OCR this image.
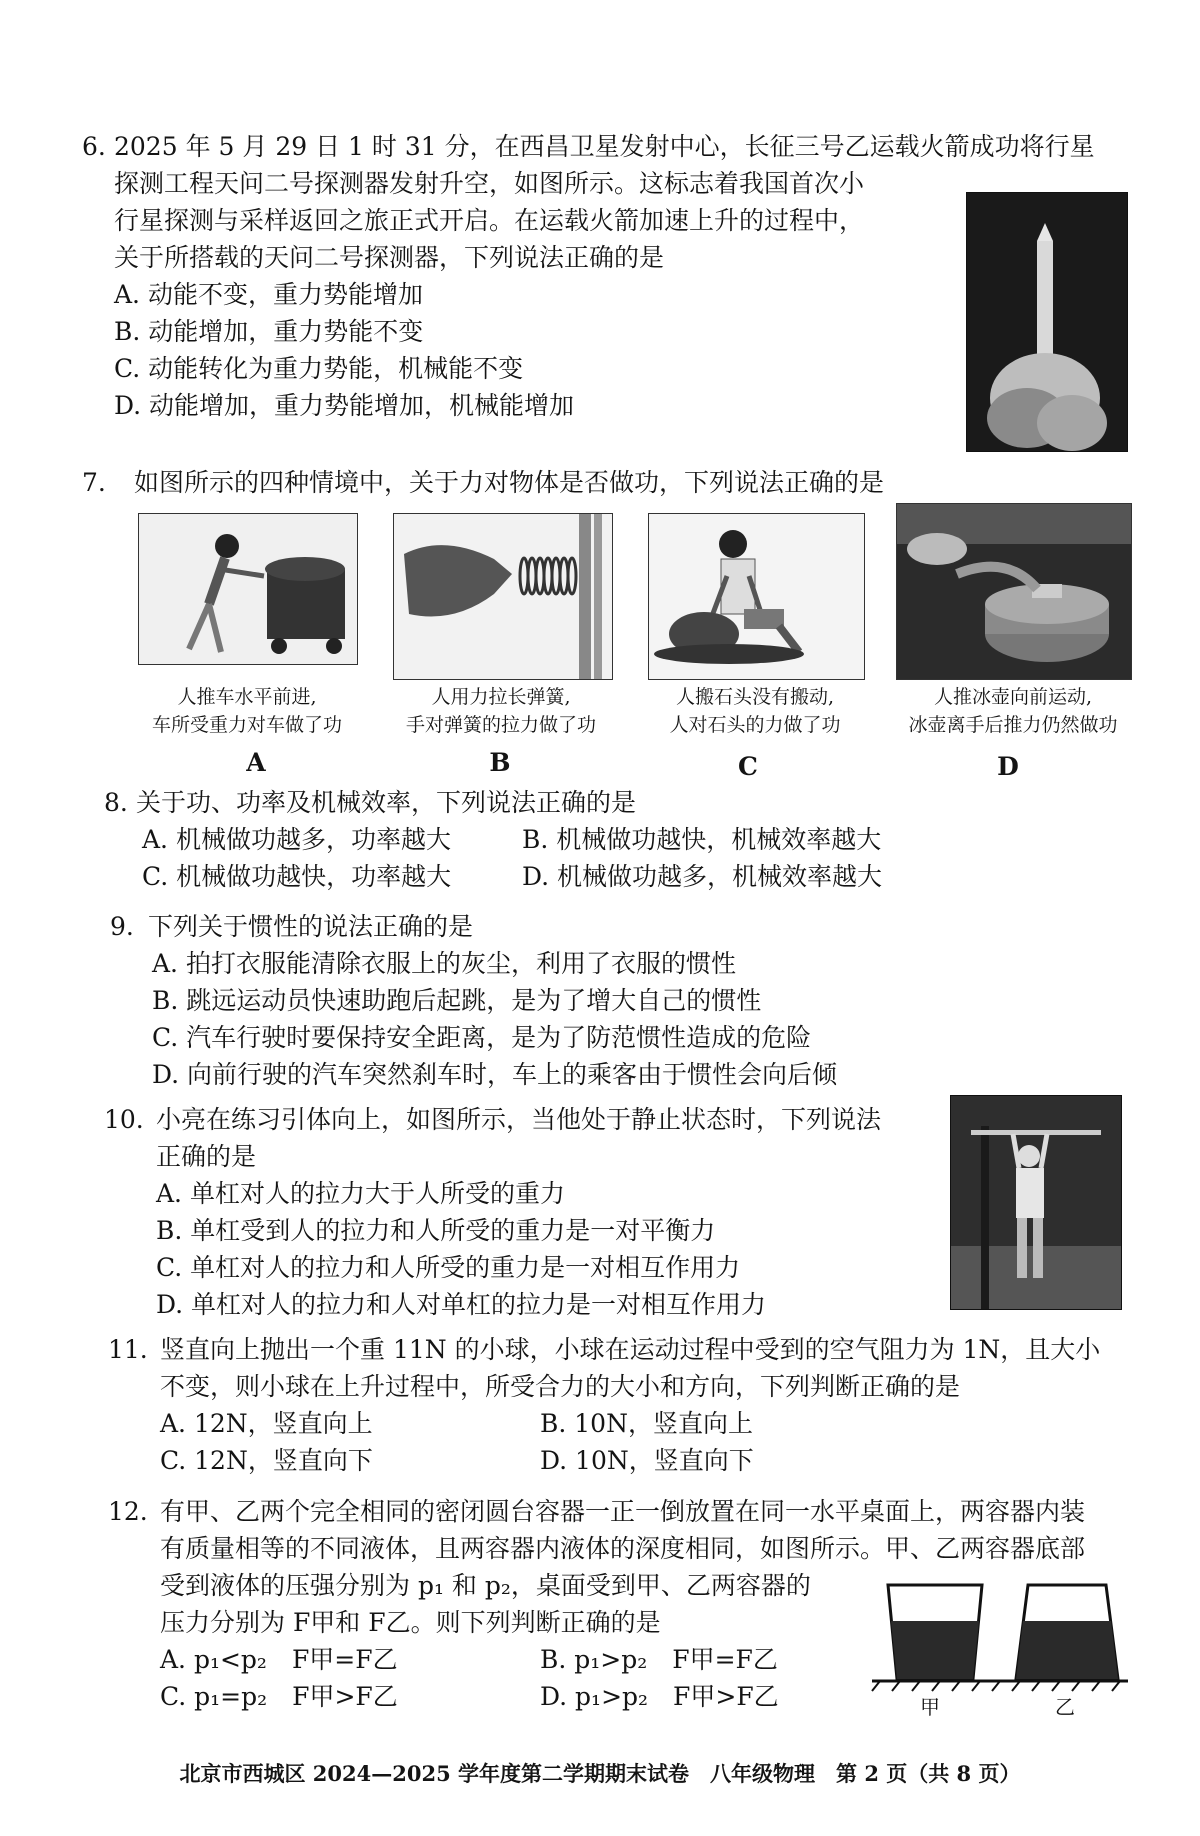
6. 2025 年 5 月 29 日 1 时 31 分，在西昌卫星发射中心，长征三号乙运载火箭成功将行星
探测工程天问二号探测器发射升空，如图所示。这标志着我国首次小
行星探测与采样返回之旅正式开启。在运载火箭加速上升的过程中，
关于所搭载的天问二号探测器，下列说法正确的是
A. 动能不变，重力势能增加
B. 动能增加，重力势能不变
C. 动能转化为重力势能，机械能不变
D. 动能增加，重力势能增加，机械能增加
7. 如图所示的四种情境中，关于力对物体是否做功，下列说法正确的是
人推车水平前进,
车所受重力对车做了功
人用力拉长弹簧,
手对弹簧的拉力做了功
人搬石头没有搬动,
人对石头的力做了功
人推冰壶向前运动,
冰壶离手后推力仍然做功
A	B	C	D
8. 关于功、功率及机械效率，下列说法正确的是
A. 机械做功越多，功率越大	B. 机械做功越快，机械效率越大
C. 机械做功越快，功率越大	D. 机械做功越多，机械效率越大
9. 下列关于惯性的说法正确的是
A. 拍打衣服能清除衣服上的灰尘，利用了衣服的惯性
B. 跳远运动员快速助跑后起跳，是为了增大自己的惯性
C. 汽车行驶时要保持安全距离，是为了防范惯性造成的危险
D. 向前行驶的汽车突然刹车时，车上的乘客由于惯性会向后倾
10. 小亮在练习引体向上，如图所示，当他处于静止状态时，下列说法
正确的是
A. 单杠对人的拉力大于人所受的重力
B. 单杠受到人的拉力和人所受的重力是一对平衡力
C. 单杠对人的拉力和人所受的重力是一对相互作用力
D. 单杠对人的拉力和人对单杠的拉力是一对相互作用力
11. 竖直向上抛出一个重 11N 的小球，小球在运动过程中受到的空气阻力为 1N，且大小
不变，则小球在上升过程中，所受合力的大小和方向，下列判断正确的是
A. 12N，竖直向上	B. 10N，竖直向上
C. 12N，竖直向下	D. 10N，竖直向下
12. 有甲、乙两个完全相同的密闭圆台容器一正一倒放置在同一水平桌面上，两容器内装
有质量相等的不同液体，且两容器内液体的深度相同，如图所示。甲、乙两容器底部
受到液体的压强分别为 p₁ 和 p₂，桌面受到甲、乙两容器的
压力分别为 F甲和 F乙。则下列判断正确的是
A. p₁<p₂　F甲=F乙	B. p₁>p₂　F甲=F乙
C. p₁=p₂　F甲>F乙	D. p₁>p₂　F甲>F乙	甲	乙
北京市西城区 2024—2025 学年度第二学期期末试卷　八年级物理　第 2 页（共 8 页）
